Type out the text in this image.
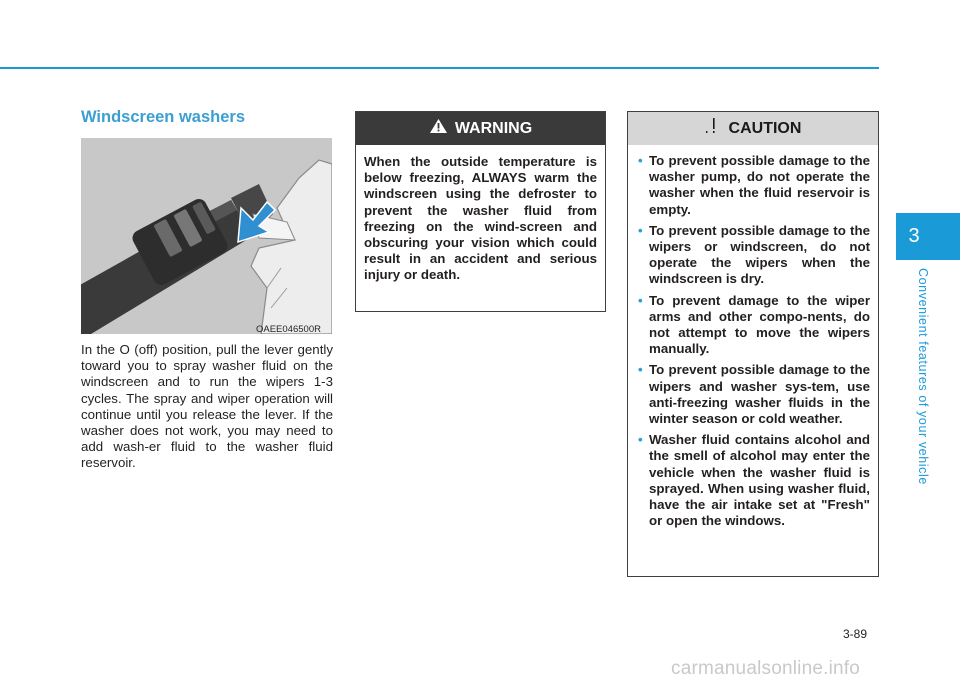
Windscreen washers
OAEE046500R

In the O (off) position, pull the lever gently toward you to spray washer fluid on the windscreen and to run the wipers 1-3 cycles. The spray and wiper operation will continue until you release the lever. If the washer does not work, you may need to add wash-er fluid to the washer fluid reservoir.

WARNING

When the outside temperature is below freezing, ALWAYS warm the windscreen using the defroster to prevent the washer fluid from freezing on the wind-screen and obscuring your vision which could result in an accident and serious injury or death.

CAUTION
• To prevent possible damage to the washer pump, do not operate the washer when the fluid reservoir is empty.
• To prevent possible damage to the wipers or windscreen, do not operate the wipers when the windscreen is dry.
• To prevent damage to the wiper arms and other compo-nents, do not attempt to move the wipers manually.
• To prevent possible damage to the wipers and washer sys-tem, use anti-freezing washer fluids in the winter season or cold weather.
• Washer fluid contains alcohol and the smell of alcohol may enter the vehicle when the washer fluid is sprayed. When using washer fluid, have the air intake set at "Fresh" or open the windows.
3
Convenient features of your vehicle
3-89
carmanualsonline.info
